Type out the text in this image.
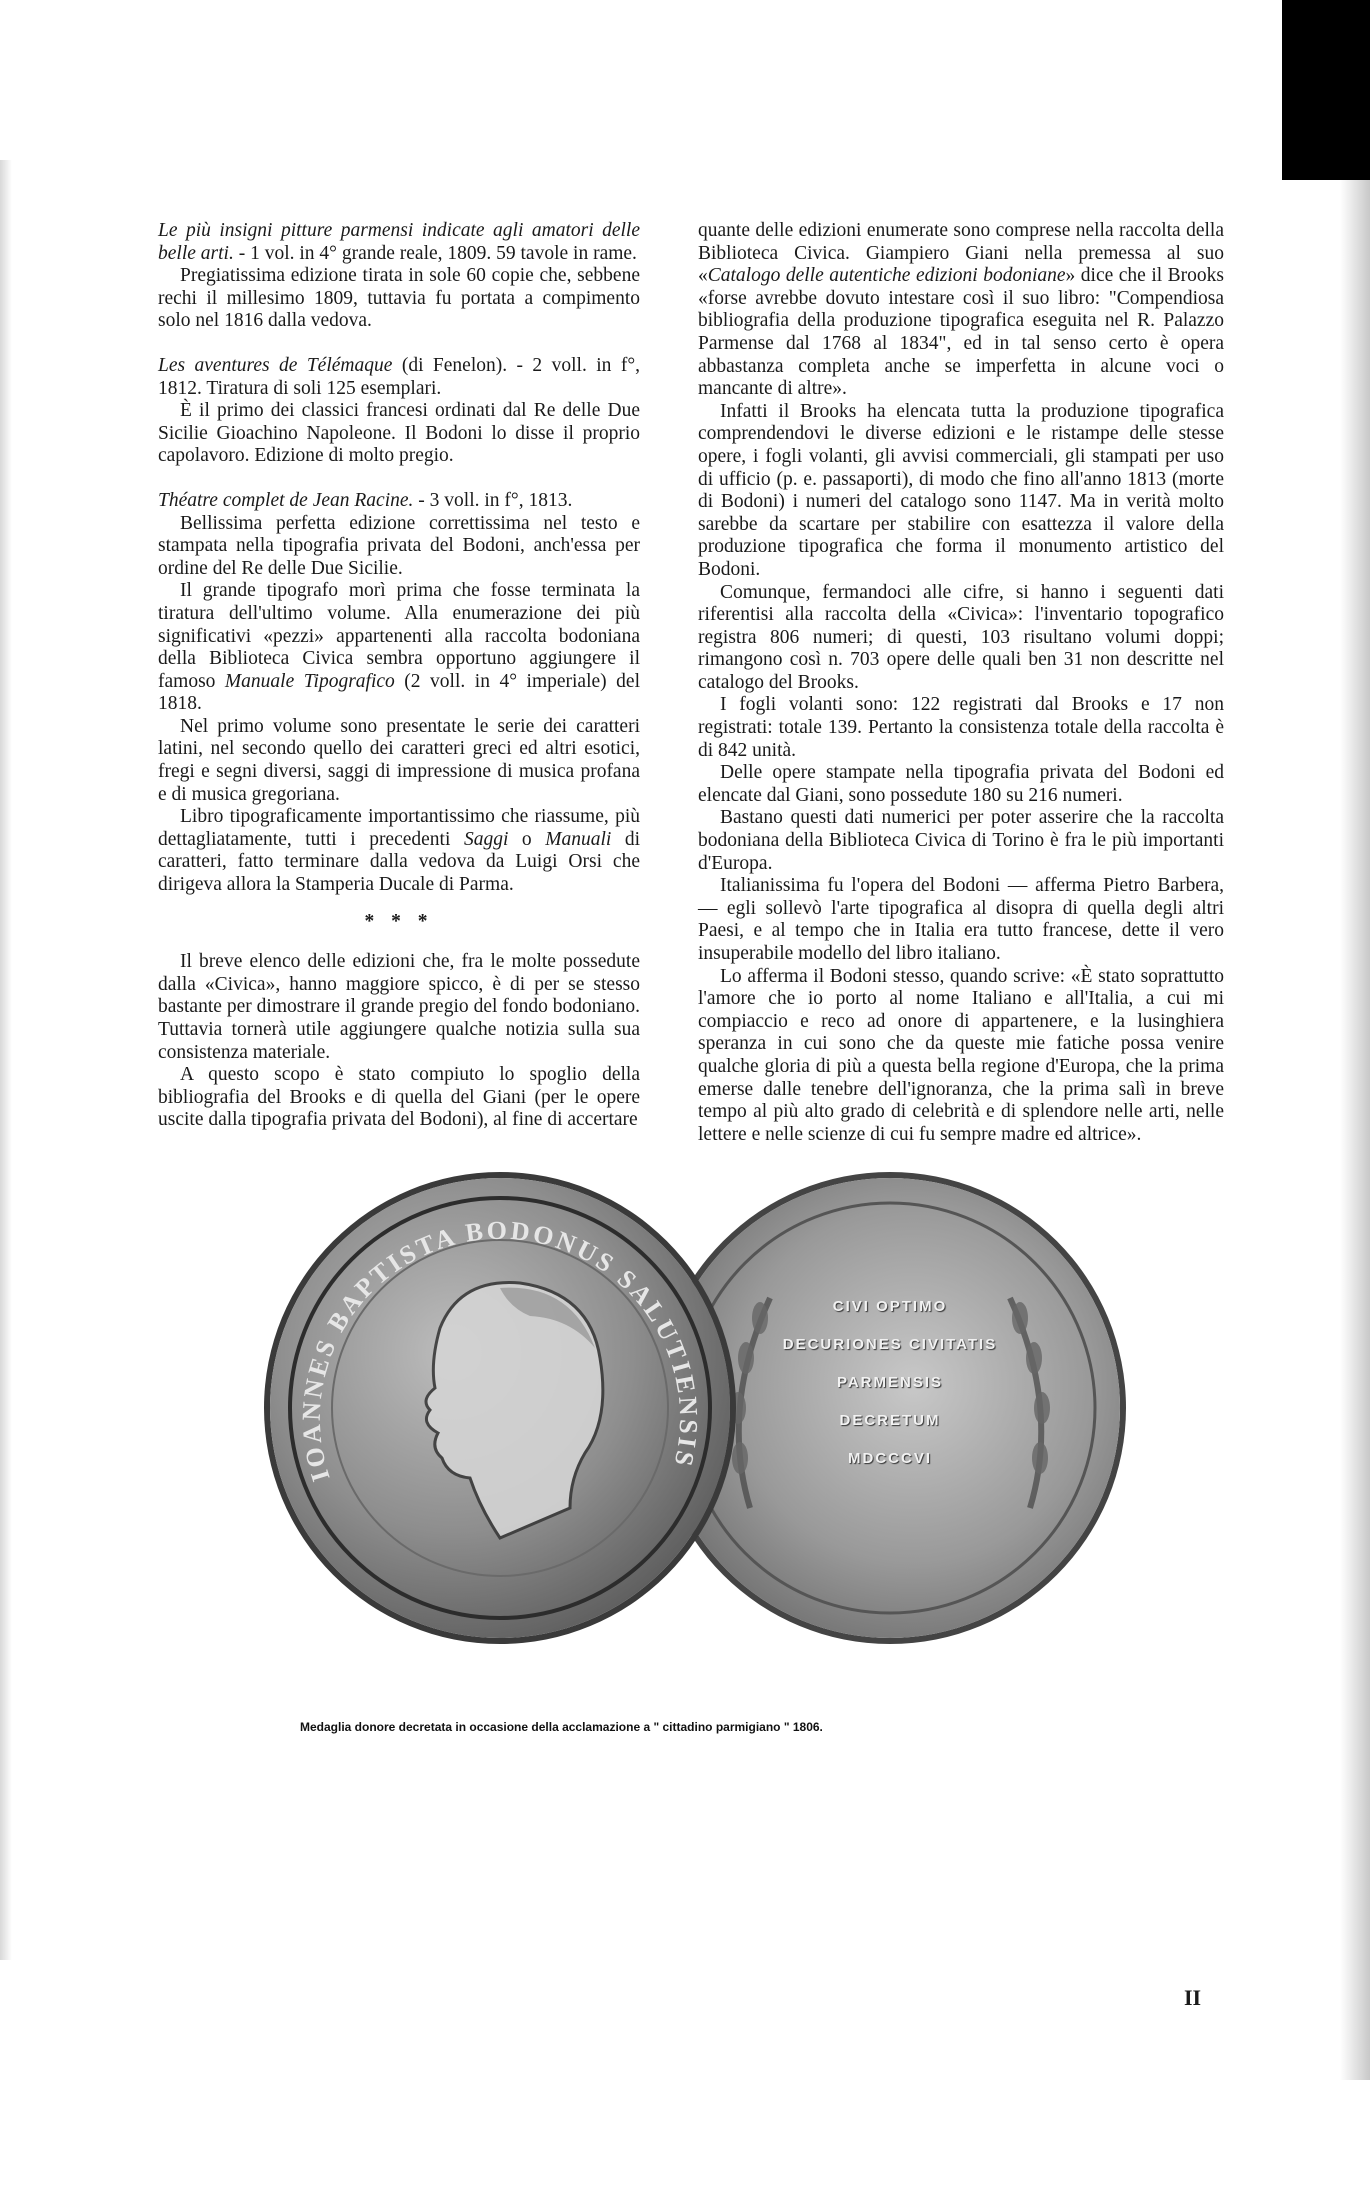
Le più insigni pitture parmensi indicate agli amatori delle belle arti. - 1 vol. in 4° grande reale, 1809. 59 tavole in rame.

Pregiatissima edizione tirata in sole 60 copie che, sebbene rechi il millesimo 1809, tuttavia fu portata a compimento solo nel 1816 dalla vedova.

Les aventures de Télémaque (di Fenelon). - 2 voll. in f°, 1812. Tiratura di soli 125 esemplari.

È il primo dei classici francesi ordinati dal Re delle Due Sicilie Gioachino Napoleone. Il Bodoni lo disse il proprio capolavoro. Edizione di molto pregio.

Théatre complet de Jean Racine. - 3 voll. in f°, 1813.

Bellissima perfetta edizione correttissima nel testo e stampata nella tipografia privata del Bodoni, anch'essa per ordine del Re delle Due Sicilie.

Il grande tipografo morì prima che fosse terminata la tiratura dell'ultimo volume. Alla enumerazione dei più significativi «pezzi» appartenenti alla raccolta bodoniana della Biblioteca Civica sembra opportuno aggiungere il famoso Manuale Tipografico (2 voll. in 4° imperiale) del 1818.

Nel primo volume sono presentate le serie dei caratteri latini, nel secondo quello dei caratteri greci ed altri esotici, fregi e segni diversi, saggi di impressione di musica profana e di musica gregoriana.

Libro tipograficamente importantissimo che riassume, più dettagliatamente, tutti i precedenti Saggi o Manuali di caratteri, fatto terminare dalla vedova da Luigi Orsi che dirigeva allora la Stamperia Ducale di Parma.

* * *

Il breve elenco delle edizioni che, fra le molte possedute dalla «Civica», hanno maggiore spicco, è di per se stesso bastante per dimostrare il grande pregio del fondo bodoniano. Tuttavia tornerà utile aggiungere qualche notizia sulla sua consistenza materiale.

A questo scopo è stato compiuto lo spoglio della bibliografia del Brooks e di quella del Giani (per le opere uscite dalla tipografia privata del Bodoni), al fine di accertare

quante delle edizioni enumerate sono comprese nella raccolta della Biblioteca Civica. Giampiero Giani nella premessa al suo «Catalogo delle autentiche edizioni bodoniane» dice che il Brooks «forse avrebbe dovuto intestare così il suo libro: "Compendiosa bibliografia della produzione tipografica eseguita nel R. Palazzo Parmense dal 1768 al 1834", ed in tal senso certo è opera abbastanza completa anche se imperfetta in alcune voci o mancante di altre».

Infatti il Brooks ha elencata tutta la produzione tipografica comprendendovi le diverse edizioni e le ristampe delle stesse opere, i fogli volanti, gli avvisi commerciali, gli stampati per uso di ufficio (p. e. passaporti), di modo che fino all'anno 1813 (morte di Bodoni) i numeri del catalogo sono 1147. Ma in verità molto sarebbe da scartare per stabilire con esattezza il valore della produzione tipografica che forma il monumento artistico del Bodoni.

Comunque, fermandoci alle cifre, si hanno i seguenti dati riferentisi alla raccolta della «Civica»: l'inventario topografico registra 806 numeri; di questi, 103 risultano volumi doppi; rimangono così n. 703 opere delle quali ben 31 non descritte nel catalogo del Brooks.

I fogli volanti sono: 122 registrati dal Brooks e 17 non registrati: totale 139. Pertanto la consistenza totale della raccolta è di 842 unità.

Delle opere stampate nella tipografia privata del Bodoni ed elencate dal Giani, sono possedute 180 su 216 numeri.

Bastano questi dati numerici per poter asserire che la raccolta bodoniana della Biblioteca Civica di Torino è fra le più importanti d'Europa.

Italianissima fu l'opera del Bodoni — afferma Pietro Barbera, — egli sollevò l'arte tipografica al disopra di quella degli altri Paesi, e al tempo che in Italia era tutto francese, dette il vero insuperabile modello del libro italiano.

Lo afferma il Bodoni stesso, quando scrive: «È stato soprattutto l'amore che io porto al nome Italiano e all'Italia, a cui mi compiaccio e reco ad onore di appartenere, e la lusinghiera speranza in cui sono che da queste mie fatiche possa venire qualche gloria di più a questa bella regione d'Europa, che la prima emerse dalle tenebre dell'ignoranza, che la prima salì in breve tempo al più alto grado di celebrità e di splendore nelle arti, nelle lettere e nelle scienze di cui fu sempre madre ed altrice».

CIVI OPTIMO
DECURIONES CIVITATIS
PARMENSIS
DECRETUM
MDCCCVI
IOANNES BAPTISTA BODONUS SALUTIENSIS
Medaglia donore decretata in occasione della acclamazione a " cittadino parmigiano " 1806.
II
